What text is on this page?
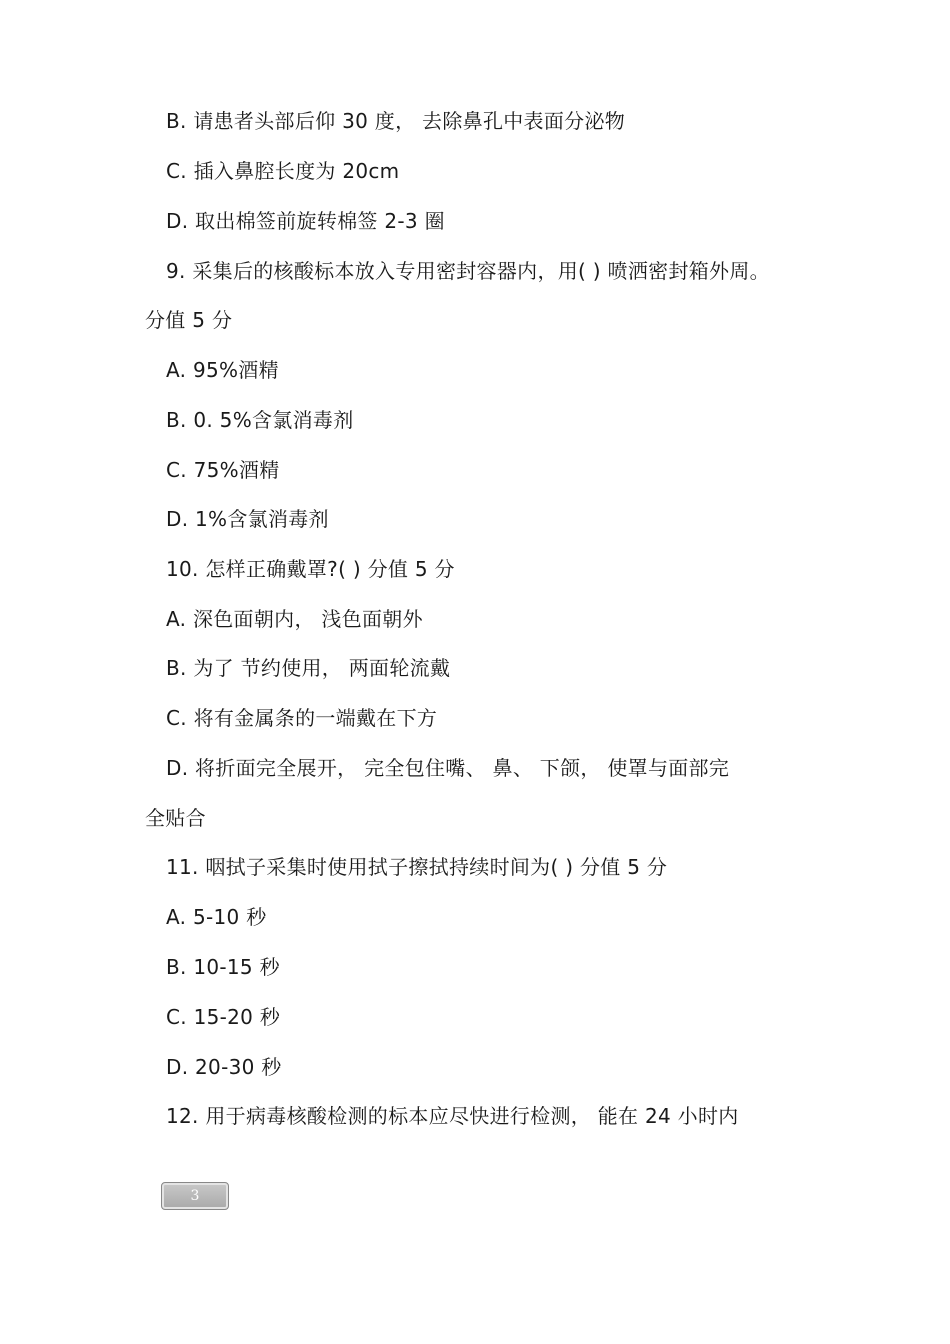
B. 请患者头部后仰 30 度， 去除鼻孔中表面分泌物
C. 插入鼻腔长度为 20cm
D. 取出棉签前旋转棉签 2-3 圈
9. 采集后的核酸标本放入专用密封容器内，用( ) 喷洒密封箱外周。
分值 5 分
A. 95%酒精
B. 0. 5%含氯消毒剂
C. 75%酒精
D. 1%含氯消毒剂
10. 怎样正确戴罩?( ) 分值 5 分
A. 深色面朝内， 浅色面朝外
B. 为了 节约使用， 两面轮流戴
C. 将有金属条的一端戴在下方
D. 将折面完全展开， 完全包住嘴、 鼻、 下颌， 使罩与面部完
全贴合
11. 咽拭子采集时使用拭子擦拭持续时间为( ) 分值 5 分
A. 5-10 秒
B. 10-15 秒
C. 15-20 秒
D. 20-30 秒
12. 用于病毒核酸检测的标本应尽快进行检测， 能在 24 小时内
3
